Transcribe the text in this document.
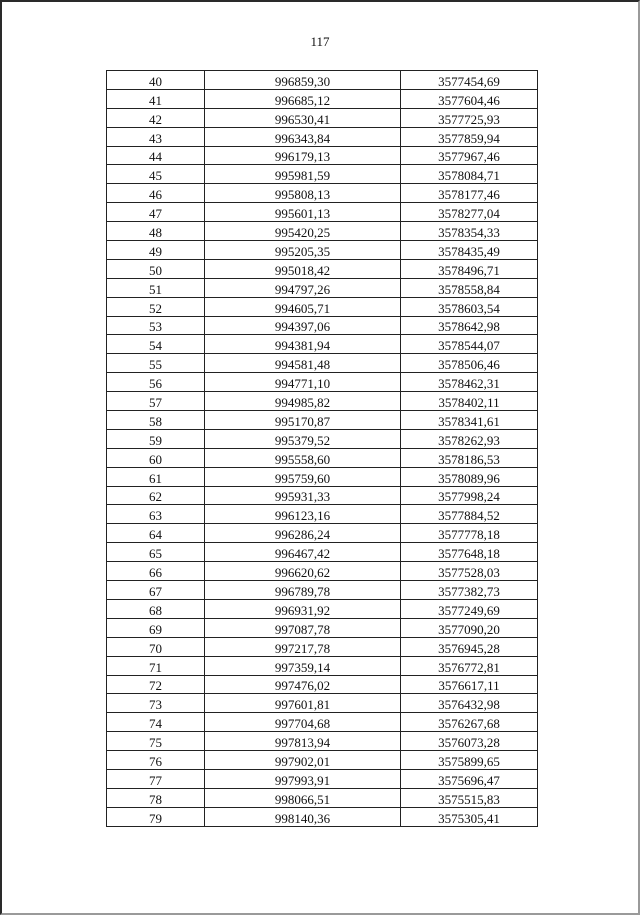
117
40	996859,30	3577454,69
41	996685,12	3577604,46
42	996530,41	3577725,93
43	996343,84	3577859,94
44	996179,13	3577967,46
45	995981,59	3578084,71
46	995808,13	3578177,46
47	995601,13	3578277,04
48	995420,25	3578354,33
49	995205,35	3578435,49
50	995018,42	3578496,71
51	994797,26	3578558,84
52	994605,71	3578603,54
53	994397,06	3578642,98
54	994381,94	3578544,07
55	994581,48	3578506,46
56	994771,10	3578462,31
57	994985,82	3578402,11
58	995170,87	3578341,61
59	995379,52	3578262,93
60	995558,60	3578186,53
61	995759,60	3578089,96
62	995931,33	3577998,24
63	996123,16	3577884,52
64	996286,24	3577778,18
65	996467,42	3577648,18
66	996620,62	3577528,03
67	996789,78	3577382,73
68	996931,92	3577249,69
69	997087,78	3577090,20
70	997217,78	3576945,28
71	997359,14	3576772,81
72	997476,02	3576617,11
73	997601,81	3576432,98
74	997704,68	3576267,68
75	997813,94	3576073,28
76	997902,01	3575899,65
77	997993,91	3575696,47
78	998066,51	3575515,83
79	998140,36	3575305,41
